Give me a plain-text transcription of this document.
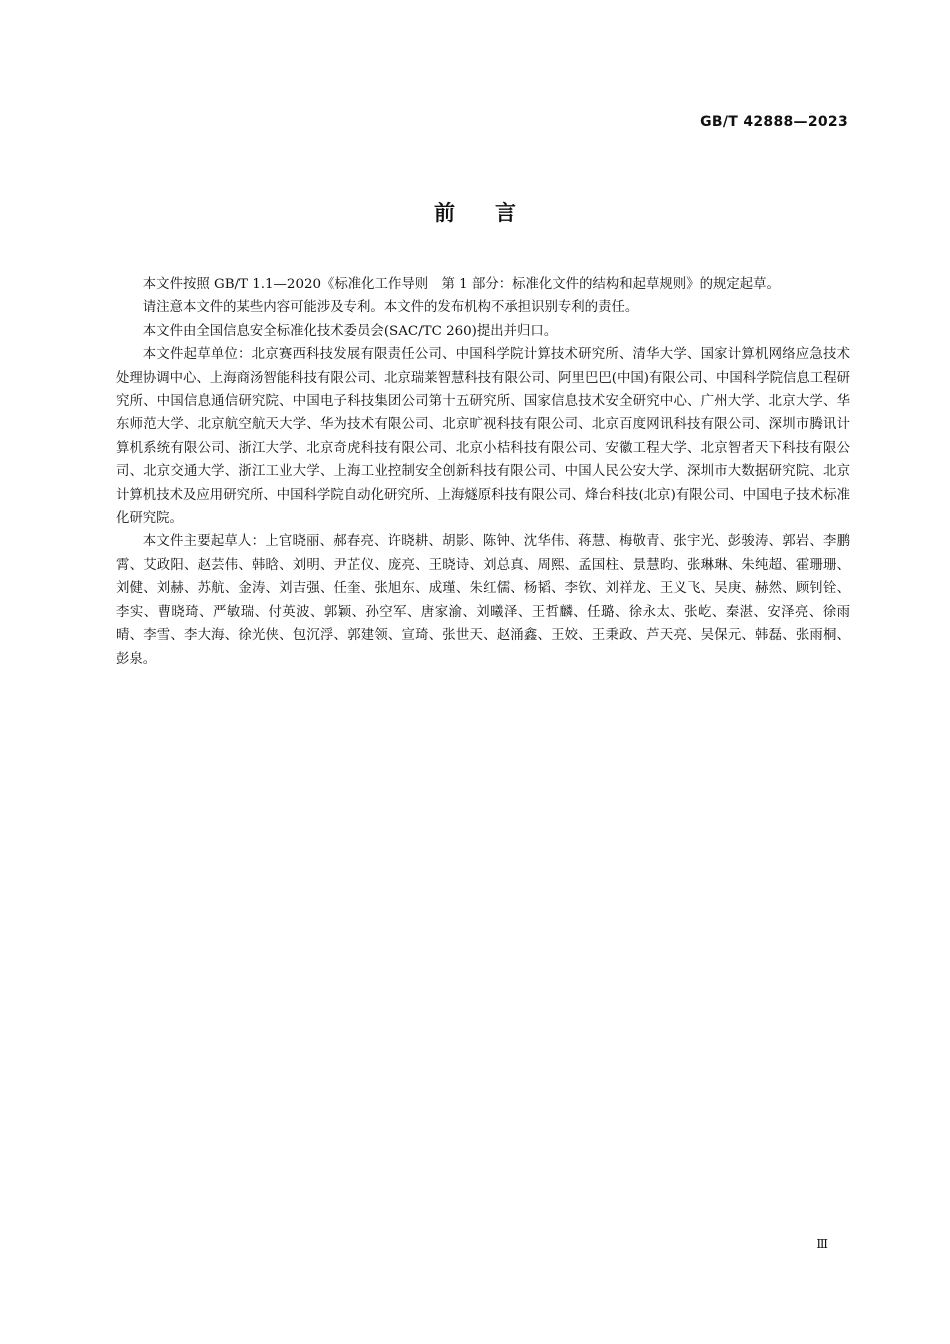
GB/T 42888—2023
前言

本文件按照 GB/T 1.1—2020《标准化工作导则　第 1 部分：标准化文件的结构和起草规则》的规定起草。

请注意本文件的某些内容可能涉及专利。本文件的发布机构不承担识别专利的责任。

本文件由全国信息安全标准化技术委员会(SAC/TC 260)提出并归口。

本文件起草单位：北京赛西科技发展有限责任公司、中国科学院计算技术研究所、清华大学、国家计算机网络应急技术处理协调中心、上海商汤智能科技有限公司、北京瑞莱智慧科技有限公司、阿里巴巴(中国)有限公司、中国科学院信息工程研究所、中国信息通信研究院、中国电子科技集团公司第十五研究所、国家信息技术安全研究中心、广州大学、北京大学、华东师范大学、北京航空航天大学、华为技术有限公司、北京旷视科技有限公司、北京百度网讯科技有限公司、深圳市腾讯计算机系统有限公司、浙江大学、北京奇虎科技有限公司、北京小桔科技有限公司、安徽工程大学、北京智者天下科技有限公司、北京交通大学、浙江工业大学、上海工业控制安全创新科技有限公司、中国人民公安大学、深圳市大数据研究院、北京计算机技术及应用研究所、中国科学院自动化研究所、上海燧原科技有限公司、烽台科技(北京)有限公司、中国电子技术标准化研究院。

本文件主要起草人：上官晓丽、郝春亮、许晓耕、胡影、陈钟、沈华伟、蒋慧、梅敬青、张宇光、彭骏涛、郭岩、李鹏霄、艾政阳、赵芸伟、韩晗、刘明、尹芷仪、庞亮、王晓诗、刘总真、周熙、孟国柱、景慧昀、张琳琳、朱纯超、霍珊珊、刘健、刘赫、苏航、金涛、刘吉强、任奎、张旭东、成瑾、朱红儒、杨韬、李钦、刘祥龙、王义飞、吴庚、赫然、顾钊铨、李实、曹晓琦、严敏瑞、付英波、郭颖、孙空军、唐家渝、刘曦泽、王哲麟、任璐、徐永太、张屹、秦湛、安泽亮、徐雨晴、李雪、李大海、徐光侠、包沉浮、郭建领、宣琦、张世天、赵涌鑫、王姣、王秉政、芦天亮、吴保元、韩磊、张雨桐、彭泉。

Ⅲ
